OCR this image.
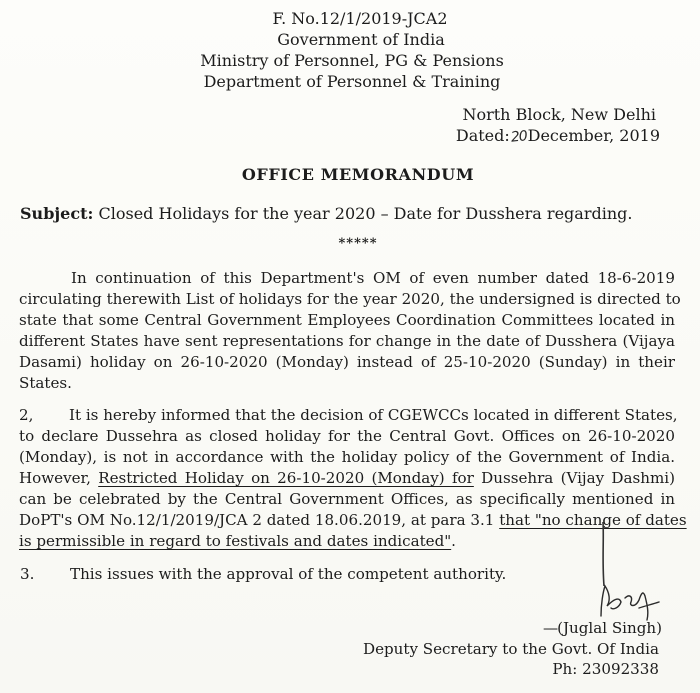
F. No.12/1/2019-JCA2
Government of India
Ministry of Personnel, PG & Pensions
Department of Personnel & Training
North Block, New Delhi
Dated:20December, 2019
OFFICE MEMORANDUM
Subject: Closed Holidays for the year 2020 – Date for Dusshera regarding.
*****
In continuation of this Department's OM of even number dated 18-6-2019
circulating therewith List of holidays for the year 2020, the undersigned is directed to
state that some Central Government Employees Coordination Committees located in
different States have sent representations for change in the date of Dusshera (Vijaya
Dasami) holiday on 26-10-2020 (Monday) instead of 25-10-2020 (Sunday) in their
States.
2, It is hereby informed that the decision of CGEWCCs located in different States,
to declare Dussehra as closed holiday for the Central Govt. Offices on 26-10-2020
(Monday), is not in accordance with the holiday policy of the Government of India.
However, Restricted Holiday on 26-10-2020 (Monday) for Dussehra (Vijay Dashmi)
can be celebrated by the Central Government Offices, as specifically mentioned in
DoPT's OM No.12/1/2019/JCA 2 dated 18.06.2019, at para 3.1 that "no change of dates
is permissible in regard to festivals and dates indicated".
3. This issues with the approval of the competent authority.
—(Juglal Singh)
Deputy Secretary to the Govt. Of India
Ph: 23092338
